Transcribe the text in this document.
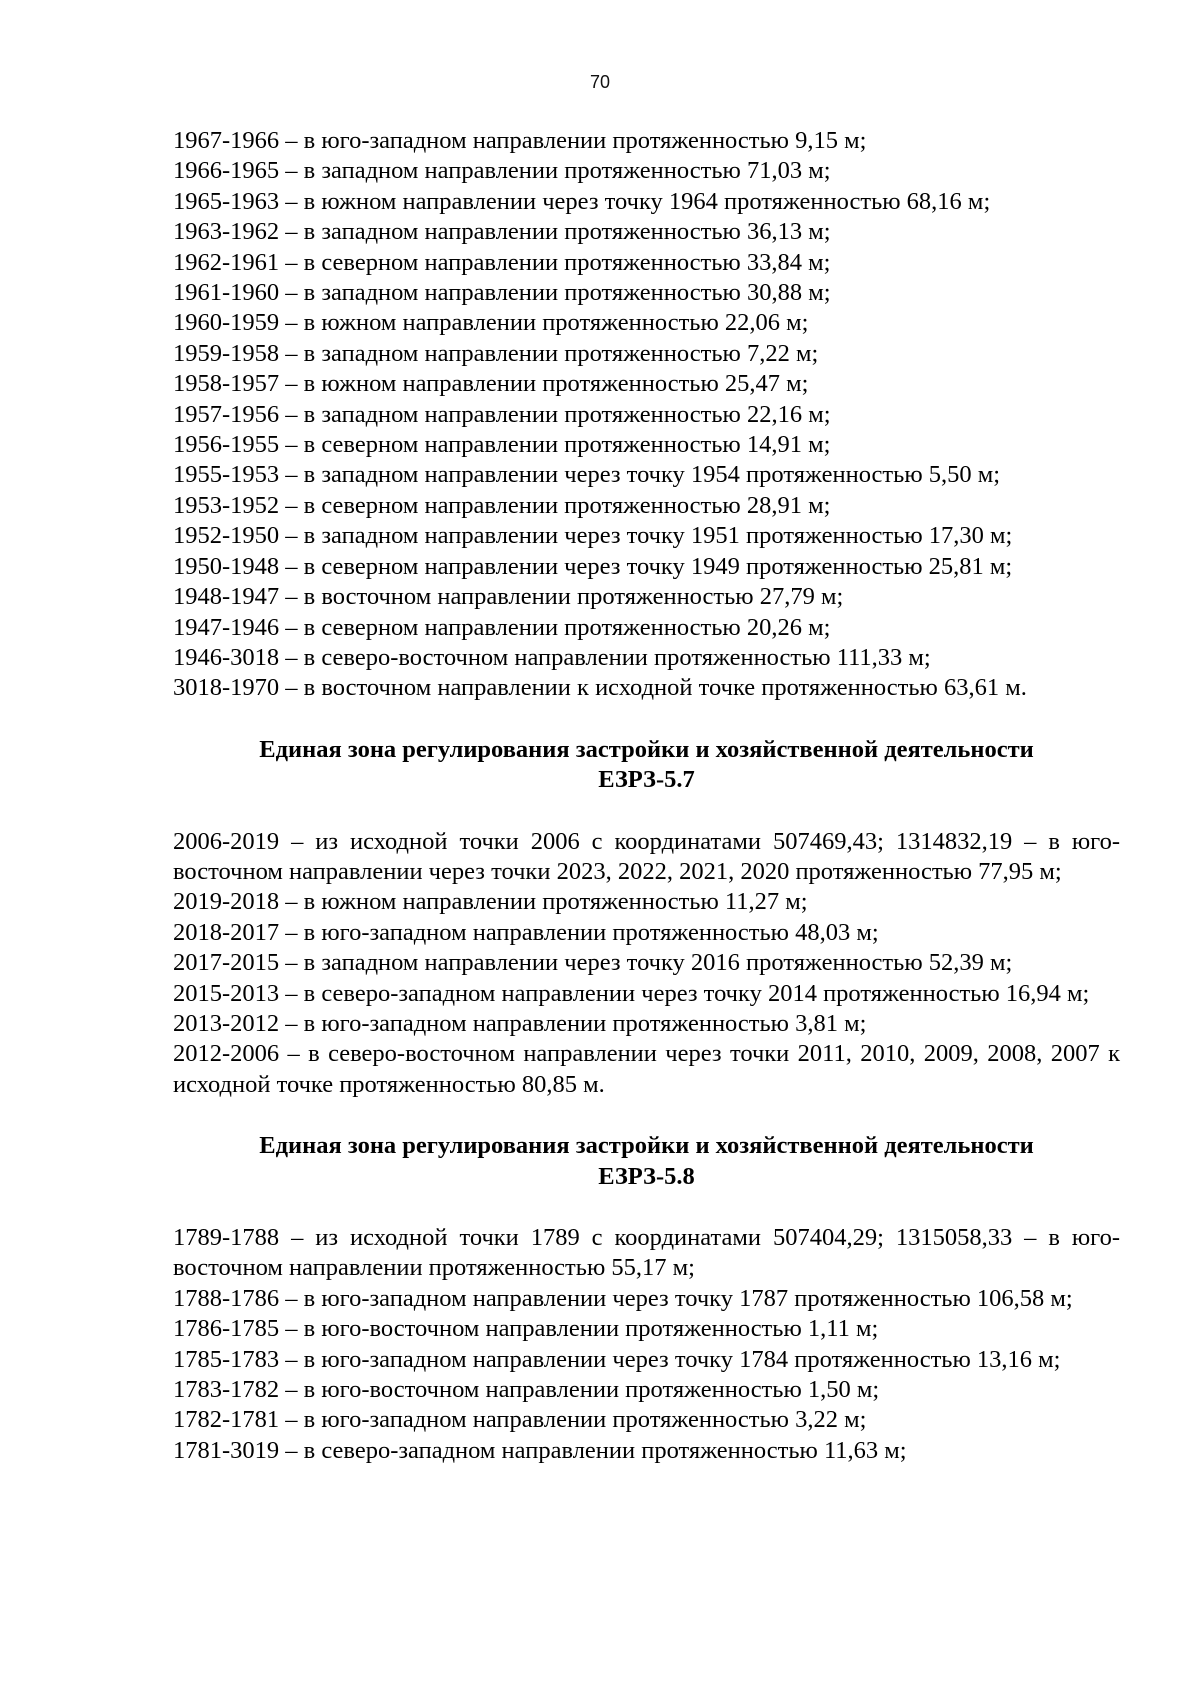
70
1967-1966 – в юго-западном направлении протяженностью 9,15 м;
1966-1965 – в западном направлении протяженностью 71,03 м;
1965-1963 – в южном направлении через точку 1964 протяженностью 68,16 м;
1963-1962 – в западном направлении протяженностью 36,13 м;
1962-1961 – в северном направлении протяженностью 33,84 м;
1961-1960 – в западном направлении протяженностью 30,88 м;
1960-1959 – в южном направлении протяженностью 22,06 м;
1959-1958 – в западном направлении протяженностью 7,22 м;
1958-1957 – в южном направлении протяженностью 25,47 м;
1957-1956 – в западном направлении протяженностью 22,16 м;
1956-1955 – в северном направлении протяженностью 14,91 м;
1955-1953 – в западном направлении через точку 1954 протяженностью 5,50 м;
1953-1952 – в северном направлении протяженностью 28,91 м;
1952-1950 – в западном направлении через точку 1951 протяженностью 17,30 м;
1950-1948 – в северном направлении через точку 1949 протяженностью 25,81 м;
1948-1947 – в восточном направлении протяженностью 27,79 м;
1947-1946 – в северном направлении протяженностью 20,26 м;
1946-3018 – в северо-восточном направлении протяженностью 111,33 м;
3018-1970 – в восточном направлении к исходной точке протяженностью 63,61 м.
Единая зона регулирования застройки и хозяйственной деятельности
ЕЗРЗ-5.7
2006-2019 – из исходной точки 2006 с координатами 507469,43; 1314832,19 – в юго-восточном направлении через точки 2023, 2022, 2021, 2020 протяженностью 77,95 м;
2019-2018 – в южном направлении протяженностью 11,27 м;
2018-2017 – в юго-западном направлении протяженностью 48,03 м;
2017-2015 – в западном направлении через точку 2016 протяженностью 52,39 м;
2015-2013 – в северо-западном направлении через точку 2014 протяженностью 16,94 м;
2013-2012 – в юго-западном направлении протяженностью 3,81 м;
2012-2006 – в северо-восточном направлении через точки 2011, 2010, 2009, 2008, 2007 к исходной точке протяженностью 80,85 м.
Единая зона регулирования застройки и хозяйственной деятельности
ЕЗРЗ-5.8
1789-1788 – из исходной точки 1789 с координатами 507404,29; 1315058,33 – в юго-восточном направлении протяженностью 55,17 м;
1788-1786 – в юго-западном направлении через точку 1787 протяженностью 106,58 м;
1786-1785 – в юго-восточном направлении протяженностью 1,11 м;
1785-1783 – в юго-западном направлении через точку 1784 протяженностью 13,16 м;
1783-1782 – в юго-восточном направлении протяженностью 1,50 м;
1782-1781 – в юго-западном направлении протяженностью 3,22 м;
1781-3019 – в северо-западном направлении протяженностью 11,63 м;
